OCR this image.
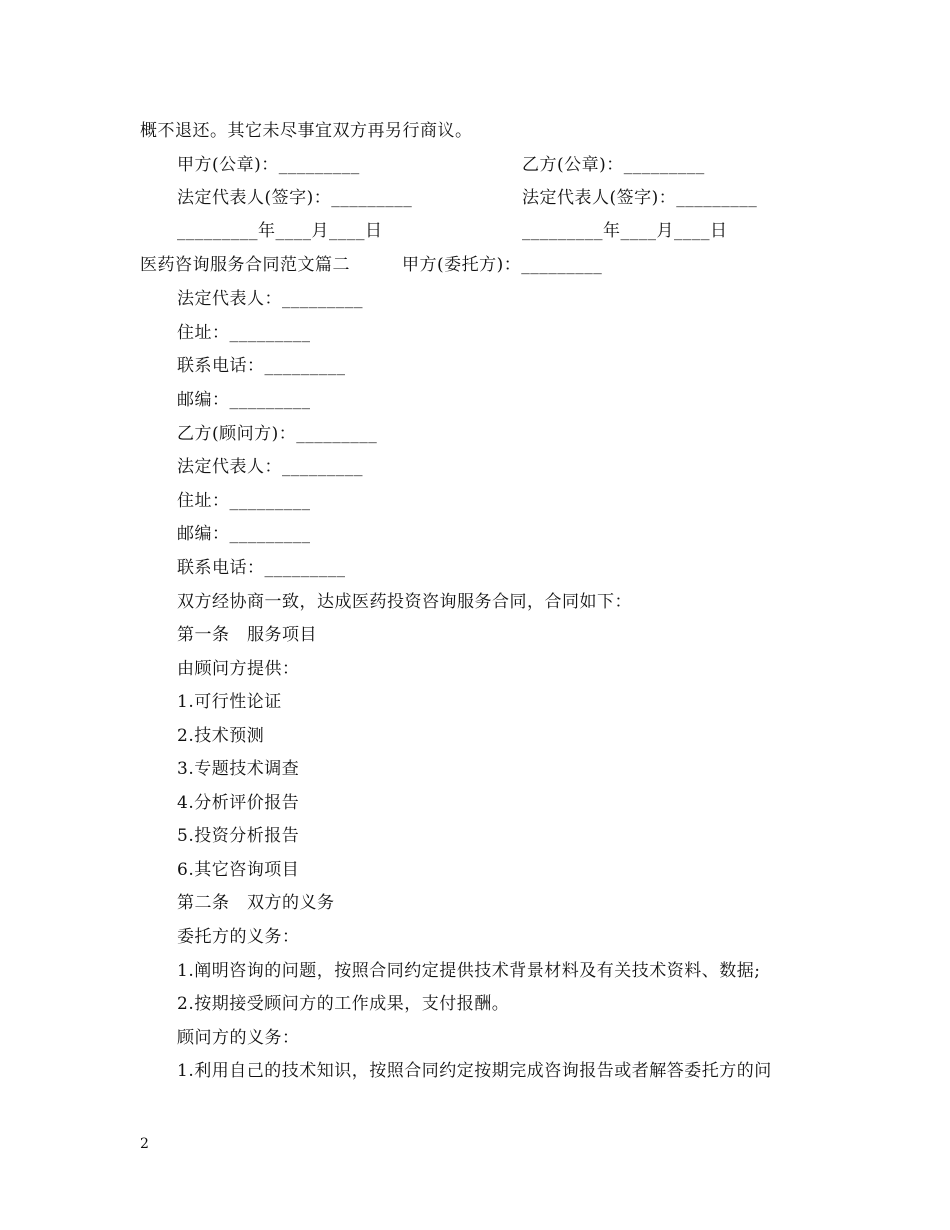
概不退还。其它未尽事宜双方再另行商议。
甲方(公章)：_________	乙方(公章)：_________
法定代表人(签字)：_________	法定代表人(签字)：_________
_________年____月____日	_________年____月____日
医药咨询服务合同范文篇二	甲方(委托方)：_________
法定代表人：_________
住址：_________
联系电话：_________
邮编：_________
乙方(顾问方)：_________
法定代表人：_________
住址：_________
邮编：_________
联系电话：_________
双方经协商一致，达成医药投资咨询服务合同，合同如下：
第一条　服务项目
由顾问方提供：
1.可行性论证
2.技术预测
3.专题技术调查
4.分析评价报告
5.投资分析报告
6.其它咨询项目
第二条　双方的义务
委托方的义务：
1.阐明咨询的问题，按照合同约定提供技术背景材料及有关技术资料、数据;
2.按期接受顾问方的工作成果，支付报酬。
顾问方的义务：
1.利用自己的技术知识，按照合同约定按期完成咨询报告或者解答委托方的问
2
